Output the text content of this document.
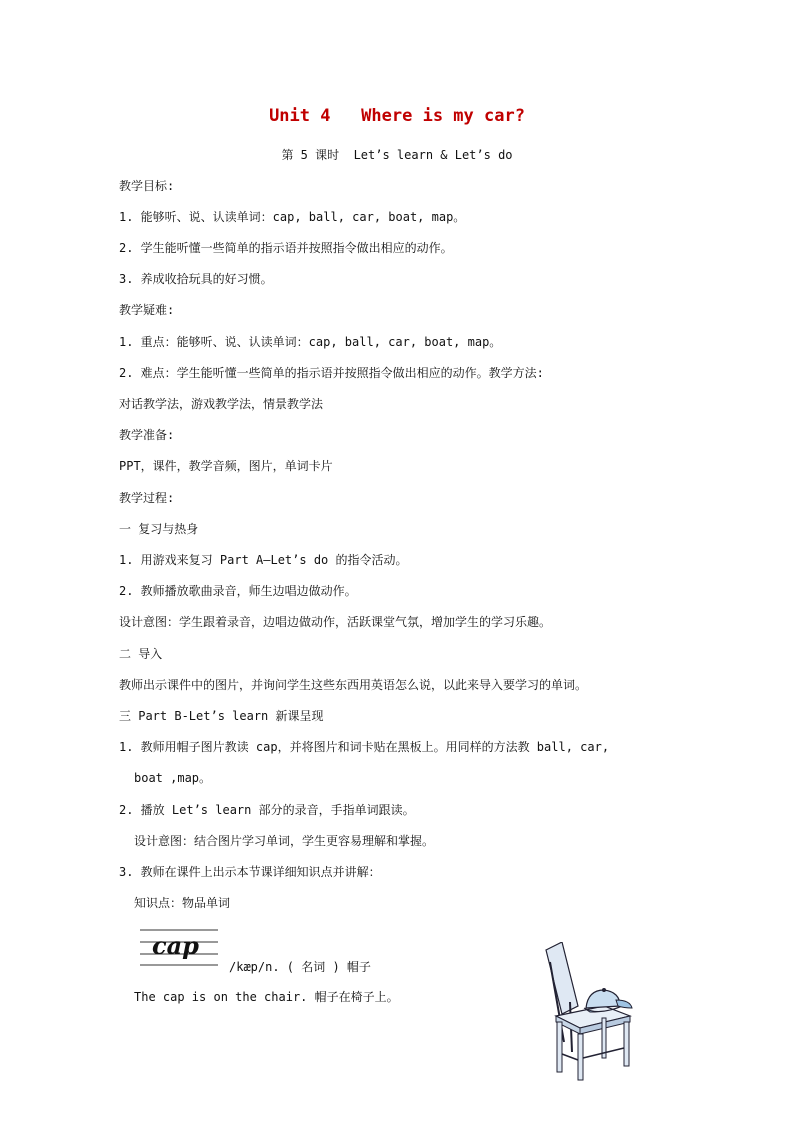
Unit 4   Where is my car?
第 5 课时  Let’s learn & Let’s do
教学目标:
1. 能够听、说、认读单词：cap, ball, car, boat, map。
2. 学生能听懂一些简单的指示语并按照指令做出相应的动作。
3. 养成收拾玩具的好习惯。
教学疑难:
1. 重点：能够听、说、认读单词：cap, ball, car, boat, map。
2. 难点：学生能听懂一些简单的指示语并按照指令做出相应的动作。教学方法:
对话教学法，游戏教学法，情景教学法
教学准备:
PPT，课件，教学音频，图片，单词卡片
教学过程:
一 复习与热身
1. 用游戏来复习 Part A—Let’s do 的指令活动。
2. 教师播放歌曲录音，师生边唱边做动作。
设计意图：学生跟着录音，边唱边做动作，活跃课堂气氛，增加学生的学习乐趣。
二 导入
教师出示课件中的图片，并询问学生这些东西用英语怎么说，以此来导入要学习的单词。
三 Part B-Let’s learn 新课呈现
1. 教师用帽子图片教读 cap，并将图片和词卡贴在黑板上。用同样的方法教 ball, car,
boat ,map。
2. 播放 Let’s learn 部分的录音，手指单词跟读。
设计意图：结合图片学习单词，学生更容易理解和掌握。
3. 教师在课件上出示本节课详细知识点并讲解：
知识点：物品单词
cap
/kæp/n. ( 名词 ) 帽子
The cap is on the chair. 帽子在椅子上。
